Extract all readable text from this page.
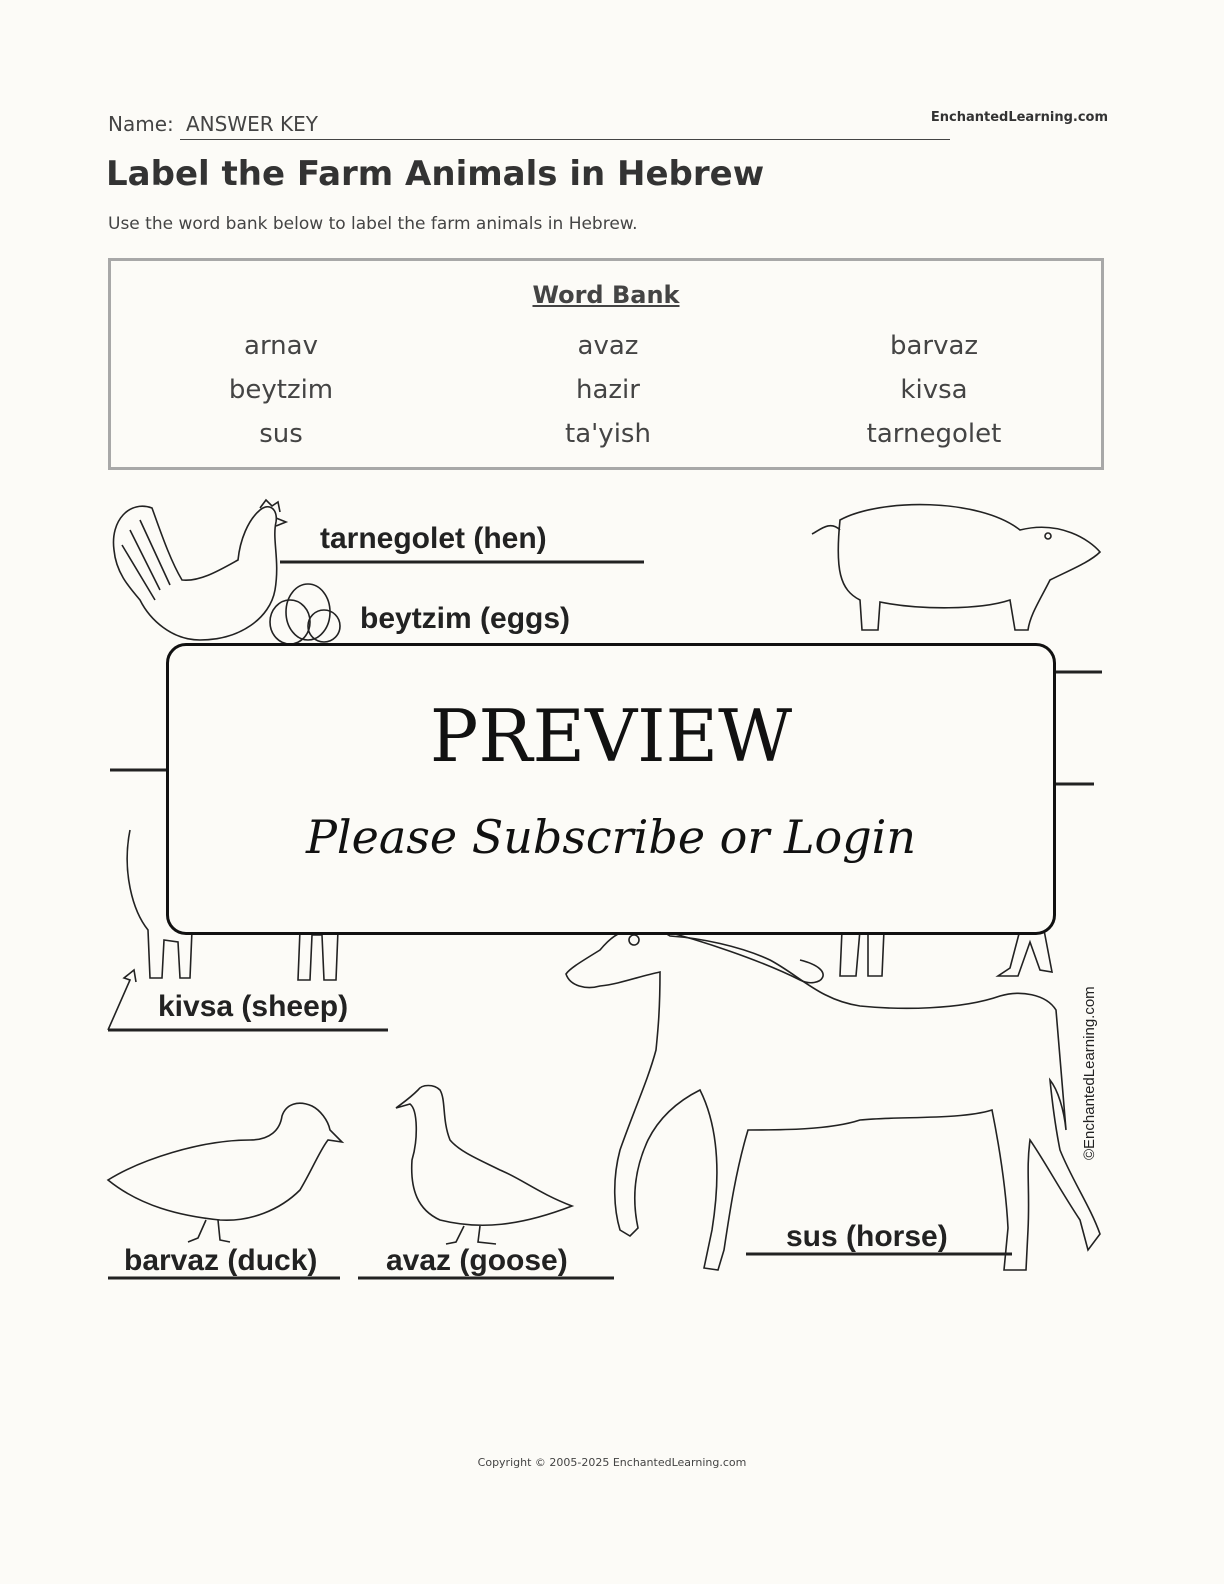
Name: ANSWER KEY	EnchantedLearning.com
Label the Farm Animals in Hebrew
Use the word bank below to label the farm animals in Hebrew.
Word Bank
arnav	avaz	barvaz
beytzim	hazir	kivsa
sus	ta'yish	tarnegolet
tarnegolet (hen)
beytzim (eggs)
kivsa (sheep)
barvaz (duck) avaz (goose)
sus (horse)
©EnchantedLearning.com
PREVIEW
Please Subscribe or Login
Copyright © 2005-2025 EnchantedLearning.com
